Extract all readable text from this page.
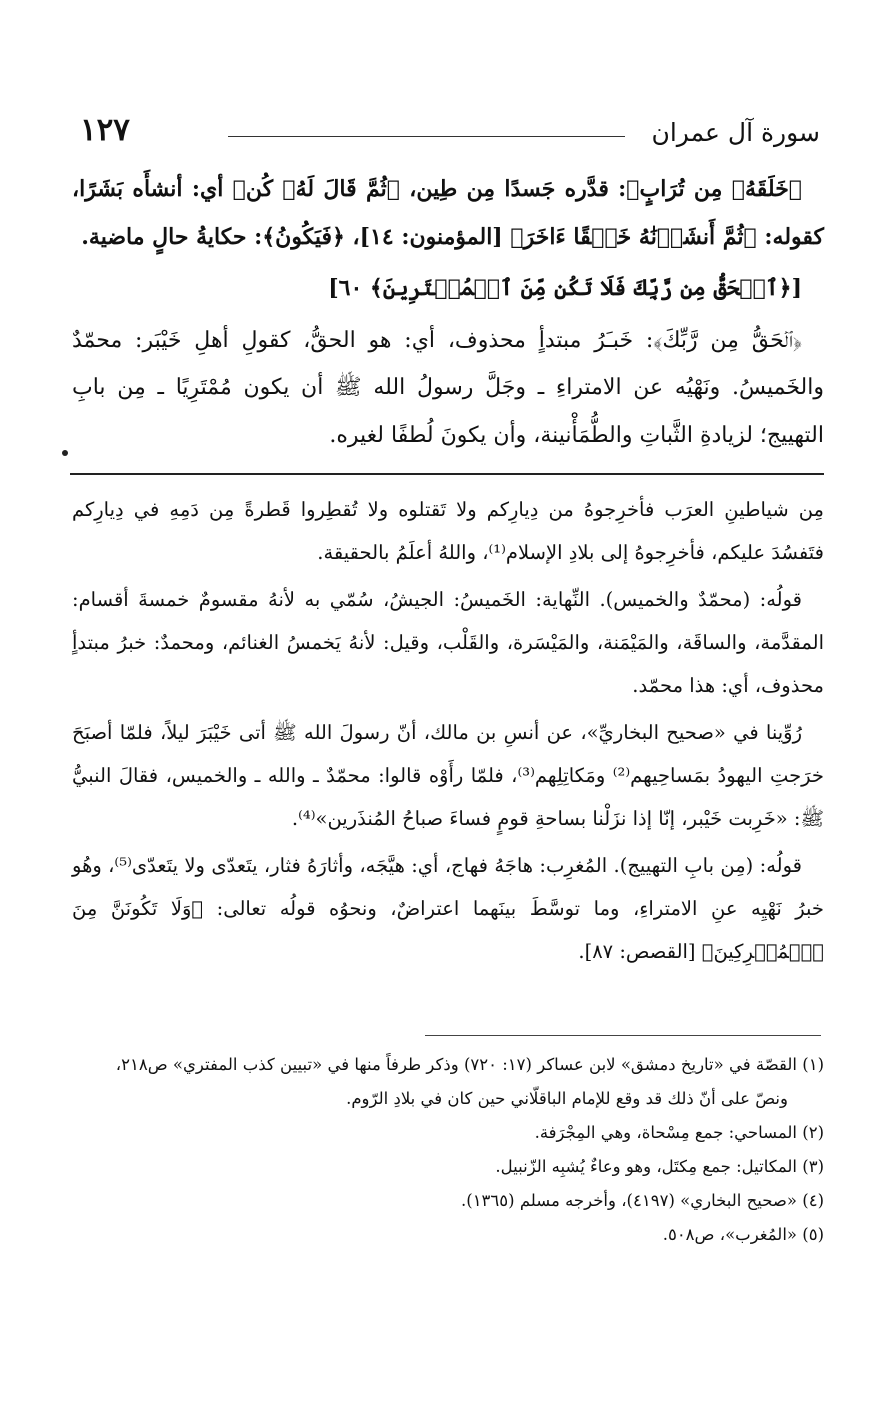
سورة آل عمران
١٢٧

﴿خَلَقَهُۥ مِن تُرَابٍ﴾: قدَّره جَسدًا مِن طِين، ﴿ثُمَّ قَالَ لَهُۥ كُن﴾ أي: أنشأَه بَشَرًا، كقوله: ﴿ثُمَّ أَنشَأۡنَٰهُ خَلۡقًا ءَاخَرَ﴾ [المؤمنون: ١٤]، ﴿فَيَكُونُ﴾: حكايةُ حالٍ ماضية.

[﴿ٱلۡحَقُّ مِن رَّبِّكَ فَلَا تَكُن مِّنَ ٱلۡمُمۡتَرِينَ﴾ ٦٠]

﴿ٱلۡحَقُّ مِن رَّبِّكَ﴾: خَبـَرُ مبتدأٍ محذوف، أي: هو الحقُّ، كقولِ أهلِ خَيْبَر: محمّدٌ والخَميسُ. ونَهْيُه عن الامتراءِ ـ وجَلَّ رسولُ الله ﷺ أن يكون مُمْتَرِيًا ـ مِن بابِ التهييج؛ لزيادةِ الثَّباتِ والطُّمَأْنينة، وأن يكونَ لُطفًا لغيره.

مِن شياطينِ العرَب فأخرِجوهُ من دِيارِكم ولا تَقتلوه ولا تُقطِروا قَطرةً مِن دَمِهِ في دِيارِكم فتَفسُدَ عليكم، فأخرِجوهُ إلى بلادِ الإسلام⁽¹⁾، واللهُ أعلَمُ بالحقيقة.

قولُه: (محمّدٌ والخميس). النِّهاية: الخَميسُ: الجيشُ، سُمّي به لأنهُ مقسومٌ خمسةَ أقسام: المقدَّمة، والساقَة، والمَيْمَنة، والمَيْسَرة، والقَلْب، وقيل: لأنهُ يَخمسُ الغنائم، ومحمدٌ: خبرُ مبتدأٍ محذوف، أي: هذا محمّد.

رُوِّينا في «صحيح البخاريِّ»، عن أنسِ بن مالك، أنّ رسولَ الله ﷺ أتى خَيْبَرَ ليلاً، فلمّا أصبَحَ خرَجتِ اليهودُ بمَساحِيهم⁽²⁾ ومَكاتِلِهم⁽³⁾، فلمّا رأَوْه قالوا: محمّدٌ ـ والله ـ والخميس، فقالَ النبيُّ ﷺ: «خَرِبت خَيْبر، إنّا إذا نزَلْنا بساحةِ قومٍ فساءَ صباحُ المُنذَرين»⁽⁴⁾.

قولُه: (مِن بابِ التهييج). المُغرِب: هاجَهُ فهاج، أي: هيَّجَه، وأثارَهُ فثار، يتَعدّى ولا يتَعدّى⁽⁵⁾، وهُو خبرُ نَهْيِه عنِ الامتراءِ، وما توسَّطَ بينَهما اعتراضٌ، ونحوُه قولُه تعالى: ﴿وَلَا تَكُونَنَّ مِنَ ٱلۡمُشۡرِكِينَ﴾ [القصص: ٨٧].

(١) القصّة في «تاريخ دمشق» لابن عساكر (١٧: ٧٢٠) وذكر طرفاً منها في «تبيين كذب المفتري» ص٢١٨،
ونصّ على أنّ ذلك قد وقع للإمام الباقلّاني حين كان في بلادِ الرّوم.
(٢) المساحي: جمع مِسْحاة، وهي المِجْرَفة.
(٣) المكاتيل: جمع مِكتَل، وهو وعاءٌ يُشبِه الزّنبيل.
(٤) «صحيح البخاري» (٤١٩٧)، وأخرجه مسلم (١٣٦٥).
(٥) «المُغرب»، ص٥٠٨.
